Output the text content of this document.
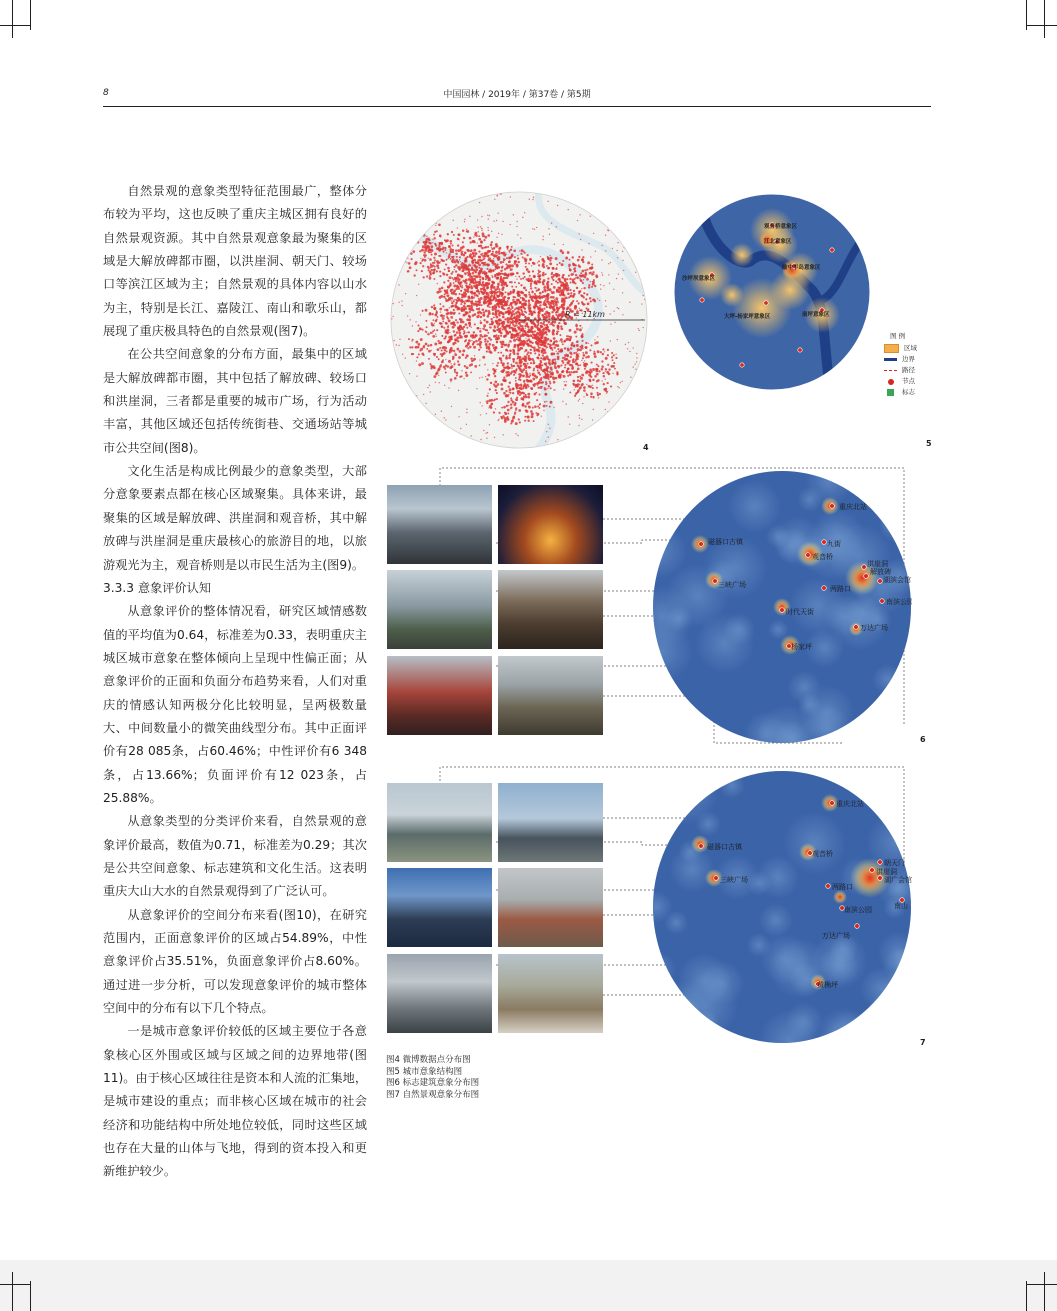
8	中国园林 / 2019年 / 第37卷 / 第5期

自然景观的意象类型特征范围最广，整体分布较为平均，这也反映了重庆主城区拥有良好的自然景观资源。其中自然景观意象最为聚集的区域是大解放碑都市圈，以洪崖洞、朝天门、较场口等滨江区域为主；自然景观的具体内容以山水为主，特别是长江、嘉陵江、南山和歌乐山，都展现了重庆极具特色的自然景观(图7)。

在公共空间意象的分布方面，最集中的区域是大解放碑都市圈，其中包括了解放碑、较场口和洪崖洞，三者都是重要的城市广场，行为活动丰富，其他区域还包括传统街巷、交通场站等城市公共空间(图8)。

文化生活是构成比例最少的意象类型，大部分意象要素点都在核心区域聚集。具体来讲，最聚集的区域是解放碑、洪崖洞和观音桥，其中解放碑与洪崖洞是重庆最核心的旅游目的地，以旅游观光为主，观音桥则是以市民生活为主(图9)。

3.3.3 意象评价认知

从意象评价的整体情况看，研究区域情感数值的平均值为0.64，标准差为0.33，表明重庆主城区城市意象在整体倾向上呈现中性偏正面；从意象评价的正面和负面分布趋势来看，人们对重庆的情感认知两极分化比较明显，呈两极数量大、中间数量小的微笑曲线型分布。其中正面评价有28 085条，占60.46%；中性评价有6 348条，占13.66%；负面评价有12 023条，占25.88%。

从意象类型的分类评价来看，自然景观的意象评价最高，数值为0.71，标准差为0.29；其次是公共空间意象、标志建筑和文化生活。这表明重庆大山大水的自然景观得到了广泛认可。

从意象评价的空间分布来看(图10)，在研究范围内，正面意象评价的区域占54.89%，中性意象评价占35.51%，负面意象评价占8.60%。通过进一步分析，可以发现意象评价的城市整体空间中的分布有以下几个特点。

一是城市意象评价较低的区域主要位于各意象核心区外围或区域与区域之间的边界地带(图11)。由于核心区域往往是资本和人流的汇集地，是城市建设的重点；而非核心区域在城市的社会经济和功能结构中所处地位较低，同时这些区域也存在大量的山体与飞地，得到的资本投入和更新维护较少。

R = 11km
4
观音桥意象区
江北意象区
沙坪坝意象区
渝中半岛意象区
大坪-杨家坪意象区	南坪意象区
图 例
区域
边界
路径
节点
标志
5
重庆北站
磁器口古镇	九街
观音桥
洪崖洞
解放碑
湖滨会馆
三峡广场	两路口
南滨公园
时代天街
万达广场
杨家坪
6
重庆北站
磁器口古镇
观音桥
朝天门
洪崖洞
湖广会馆
三峡广场
两路口
南滨公园	南山
万达广场
黄桷坪
7
图4 微博数据点分布图
图5 城市意象结构图
图6 标志建筑意象分布图
图7 自然景观意象分布图
